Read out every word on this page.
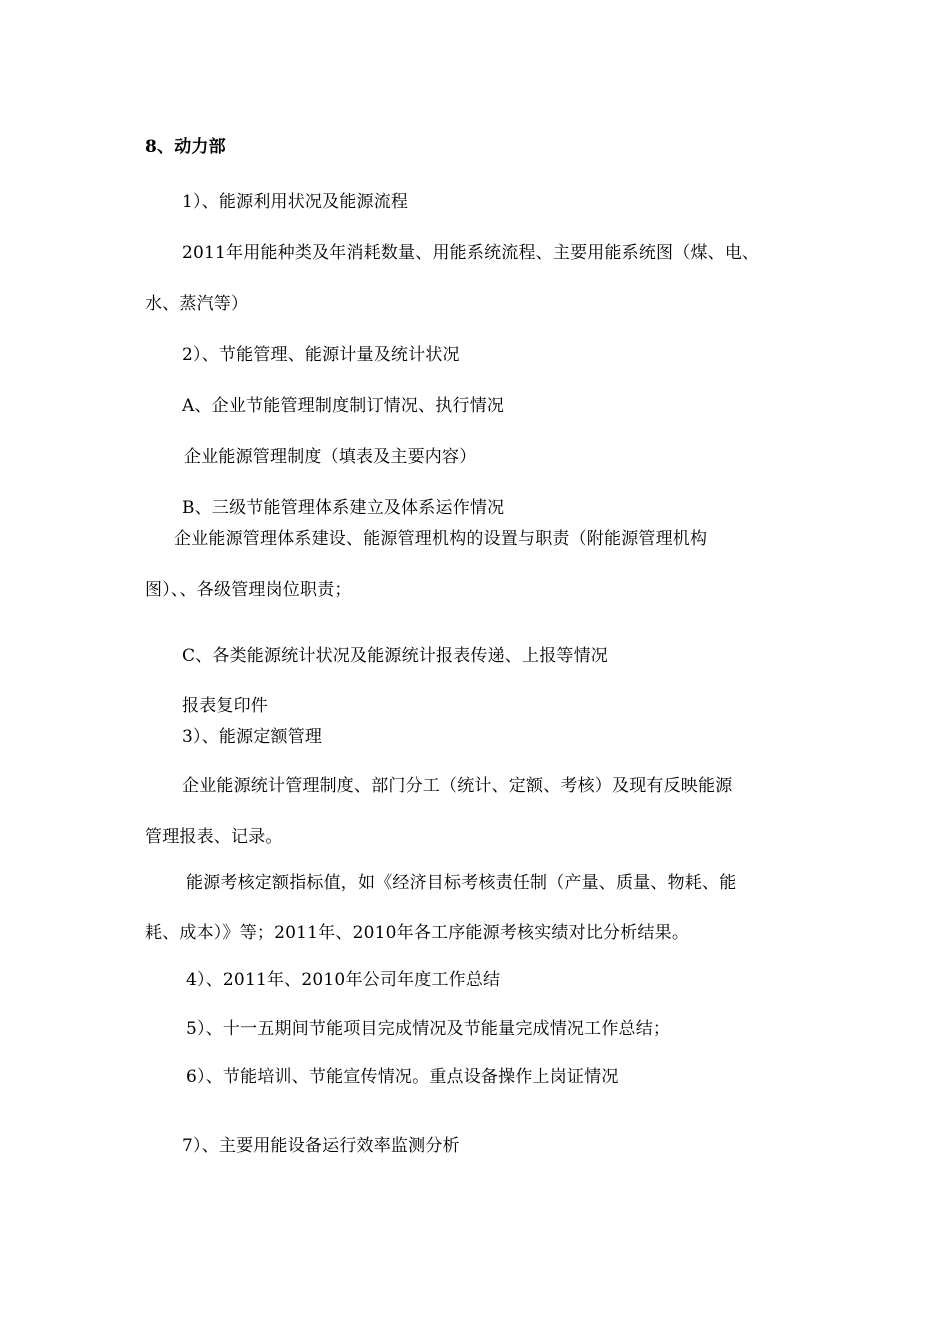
8、动力部
1）、能源利用状况及能源流程
2011年用能种类及年消耗数量、用能系统流程、主要用能系统图（煤、电、
水、蒸汽等）
2）、节能管理、能源计量及统计状况
A、企业节能管理制度制订情况、执行情况
企业能源管理制度（填表及主要内容）
B、三级节能管理体系建立及体系运作情况
企业能源管理体系建设、能源管理机构的设置与职责（附能源管理机构
图）、、各级管理岗位职责；
C、各类能源统计状况及能源统计报表传递、上报等情况
报表复印件
3）、能源定额管理
企业能源统计管理制度、部门分工（统计、定额、考核）及现有反映能源
管理报表、记录。
能源考核定额指标值，如《经济目标考核责任制（产量、质量、物耗、能
耗、成本）》等；2011年、2010年各工序能源考核实绩对比分析结果。
4）、2011年、2010年公司年度工作总结
5）、十一五期间节能项目完成情况及节能量完成情况工作总结；
6）、节能培训、节能宣传情况。重点设备操作上岗证情况
7）、主要用能设备运行效率监测分析
